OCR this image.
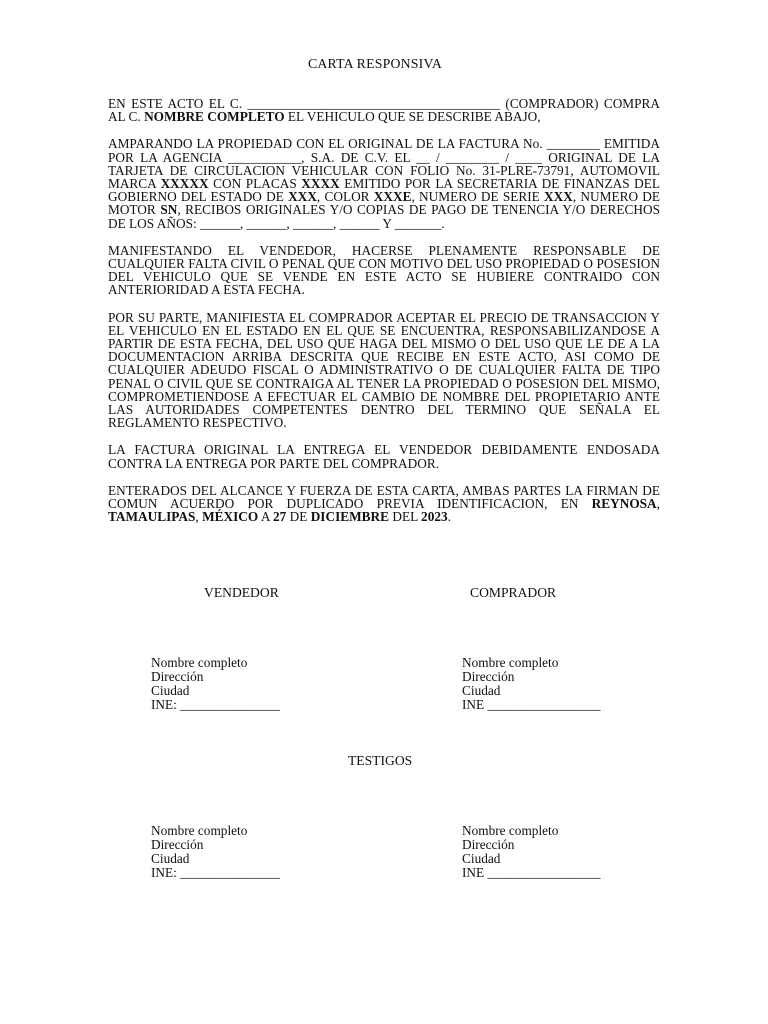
CARTA RESPONSIVA

EN ESTE ACTO EL C. ______________________________________ (COMPRADOR) COMPRA AL C. NOMBRE COMPLETO EL VEHICULO QUE SE DESCRIBE ABAJO,

AMPARANDO LA PROPIEDAD CON EL ORIGINAL DE LA FACTURA No. ________ EMITIDA POR LA AGENCIA ___________, S.A. DE C.V. EL __ / ________ / ____ ORIGINAL DE LA TARJETA DE CIRCULACION VEHICULAR CON FOLIO No. 31-PLRE-73791, AUTOMOVIL MARCA XXXXX CON PLACAS XXXX EMITIDO POR LA SECRETARIA DE FINANZAS DEL GOBIERNO DEL ESTADO DE XXX, COLOR XXXE, NUMERO DE SERIE XXX, NUMERO DE MOTOR SN, RECIBOS ORIGINALES Y/O COPIAS DE PAGO DE TENENCIA Y/O DERECHOS DE LOS AÑOS: ______, ______, ______, ______ Y _______.

MANIFESTANDO EL VENDEDOR, HACERSE PLENAMENTE RESPONSABLE DE CUALQUIER FALTA CIVIL O PENAL QUE CON MOTIVO DEL USO PROPIEDAD O POSESION DEL VEHICULO QUE SE VENDE EN ESTE ACTO SE HUBIERE CONTRAIDO CON ANTERIORIDAD A ESTA FECHA.

POR SU PARTE, MANIFIESTA EL COMPRADOR ACEPTAR EL PRECIO DE TRANSACCION Y EL VEHICULO EN EL ESTADO EN EL QUE SE ENCUENTRA, RESPONSABILIZANDOSE A PARTIR DE ESTA FECHA, DEL USO QUE HAGA DEL MISMO O DEL USO QUE LE DE A LA DOCUMENTACION ARRIBA DESCRITA QUE RECIBE EN ESTE ACTO, ASI COMO DE CUALQUIER ADEUDO FISCAL O ADMINISTRATIVO O DE CUALQUIER FALTA DE TIPO PENAL O CIVIL QUE SE CONTRAIGA AL TENER LA PROPIEDAD O POSESION DEL MISMO, COMPROMETIENDOSE A EFECTUAR EL CAMBIO DE NOMBRE DEL PROPIETARIO ANTE LAS AUTORIDADES COMPETENTES DENTRO DEL TERMINO QUE SEÑALA EL REGLAMENTO RESPECTIVO.

LA FACTURA ORIGINAL LA ENTREGA EL VENDEDOR DEBIDAMENTE ENDOSADA CONTRA LA ENTREGA POR PARTE DEL COMPRADOR.

ENTERADOS DEL ALCANCE Y FUERZA DE ESTA CARTA, AMBAS PARTES LA FIRMAN DE COMUN ACUERDO POR DUPLICADO PREVIA IDENTIFICACION, EN REYNOSA, TAMAULIPAS, MÉXICO A 27 DE DICIEMBRE DEL 2023.

VENDEDOR	COMPRADOR
Nombre completo
Dirección
Ciudad
INE: _______________
Nombre completo
Dirección
Ciudad
INE _________________
TESTIGOS
Nombre completo
Dirección
Ciudad
INE: _______________
Nombre completo
Dirección
Ciudad
INE _________________
